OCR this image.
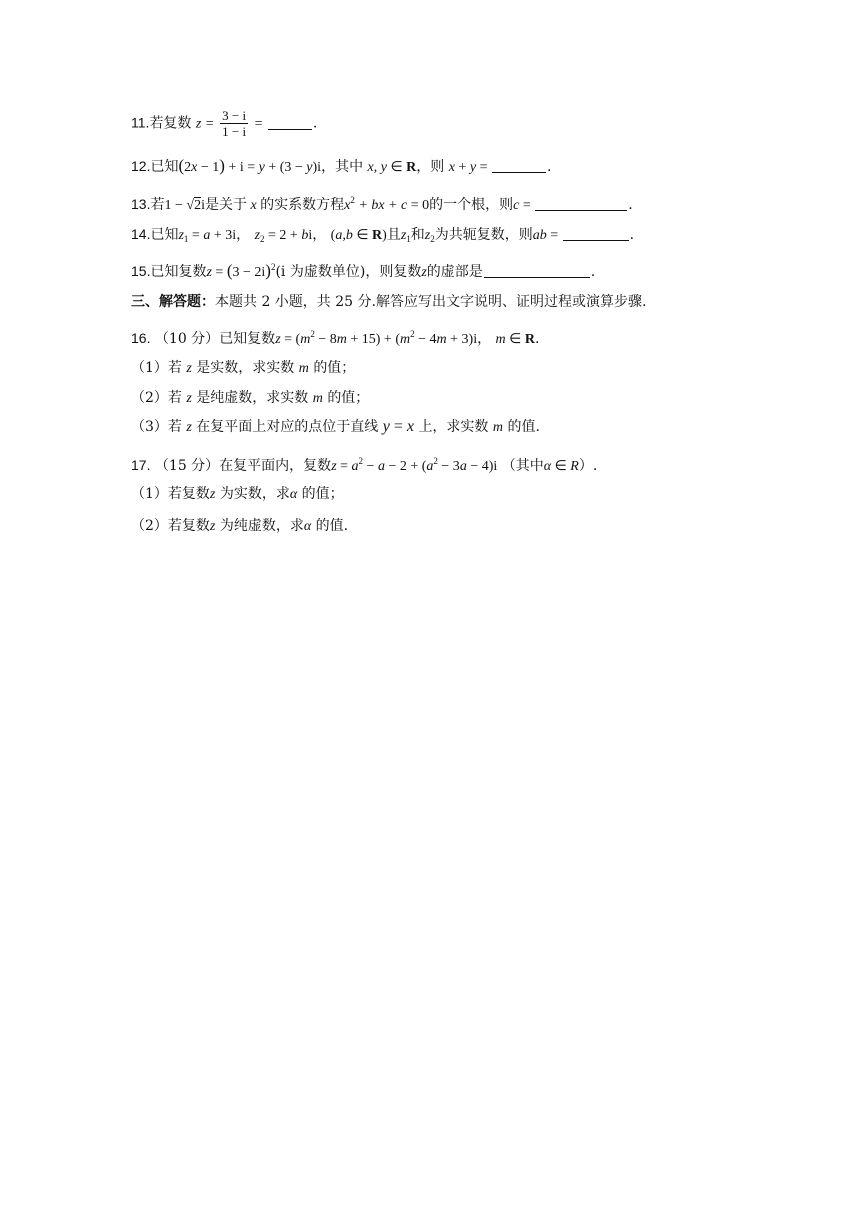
11.若复数 $z = \frac{3 - i}{1 - i}$ =	.
12.已知(2x − 1) + i = y + (3 − y)i，其中 x, y ∈ R，则 x + y =	.
13.若1 − √2i是关于 x 的实系数方程$x^2$ + bx + c = 0的一个根，则c =	.
14.已知$z_1 = a + 3i$， $z_2 = 2$ + bi， (a,b ∈ R)且$z_1$和$z_2$为共轭复数，则ab =	.
15.已知复数$z = (3 - 2i)^2(i$ 为虚数单位)，则复数z的虚部是	.
三、解答题：本题共 2 小题，共 25 分.解答应写出文字说明、证明过程或演算步骤.
16. （10 分）已知复数$z = (m^2 - 8m + 15) + (m^2 - 4m + 3)i$， m ∈ R.
（1）若 z 是实数，求实数 m 的值；
（2）若 z 是纯虚数，求实数 m 的值；
（3）若 z 在复平面上对应的点位于直线 y = x 上，求实数 m 的值.
17. （15 分）在复平面内，复数$z = a^2 - a - 2 + (a^2 - 3a - 4)i$ （其中α ∈ R）.
（1）若复数z 为实数，求α 的值；
（2）若复数z 为纯虚数，求α 的值.
